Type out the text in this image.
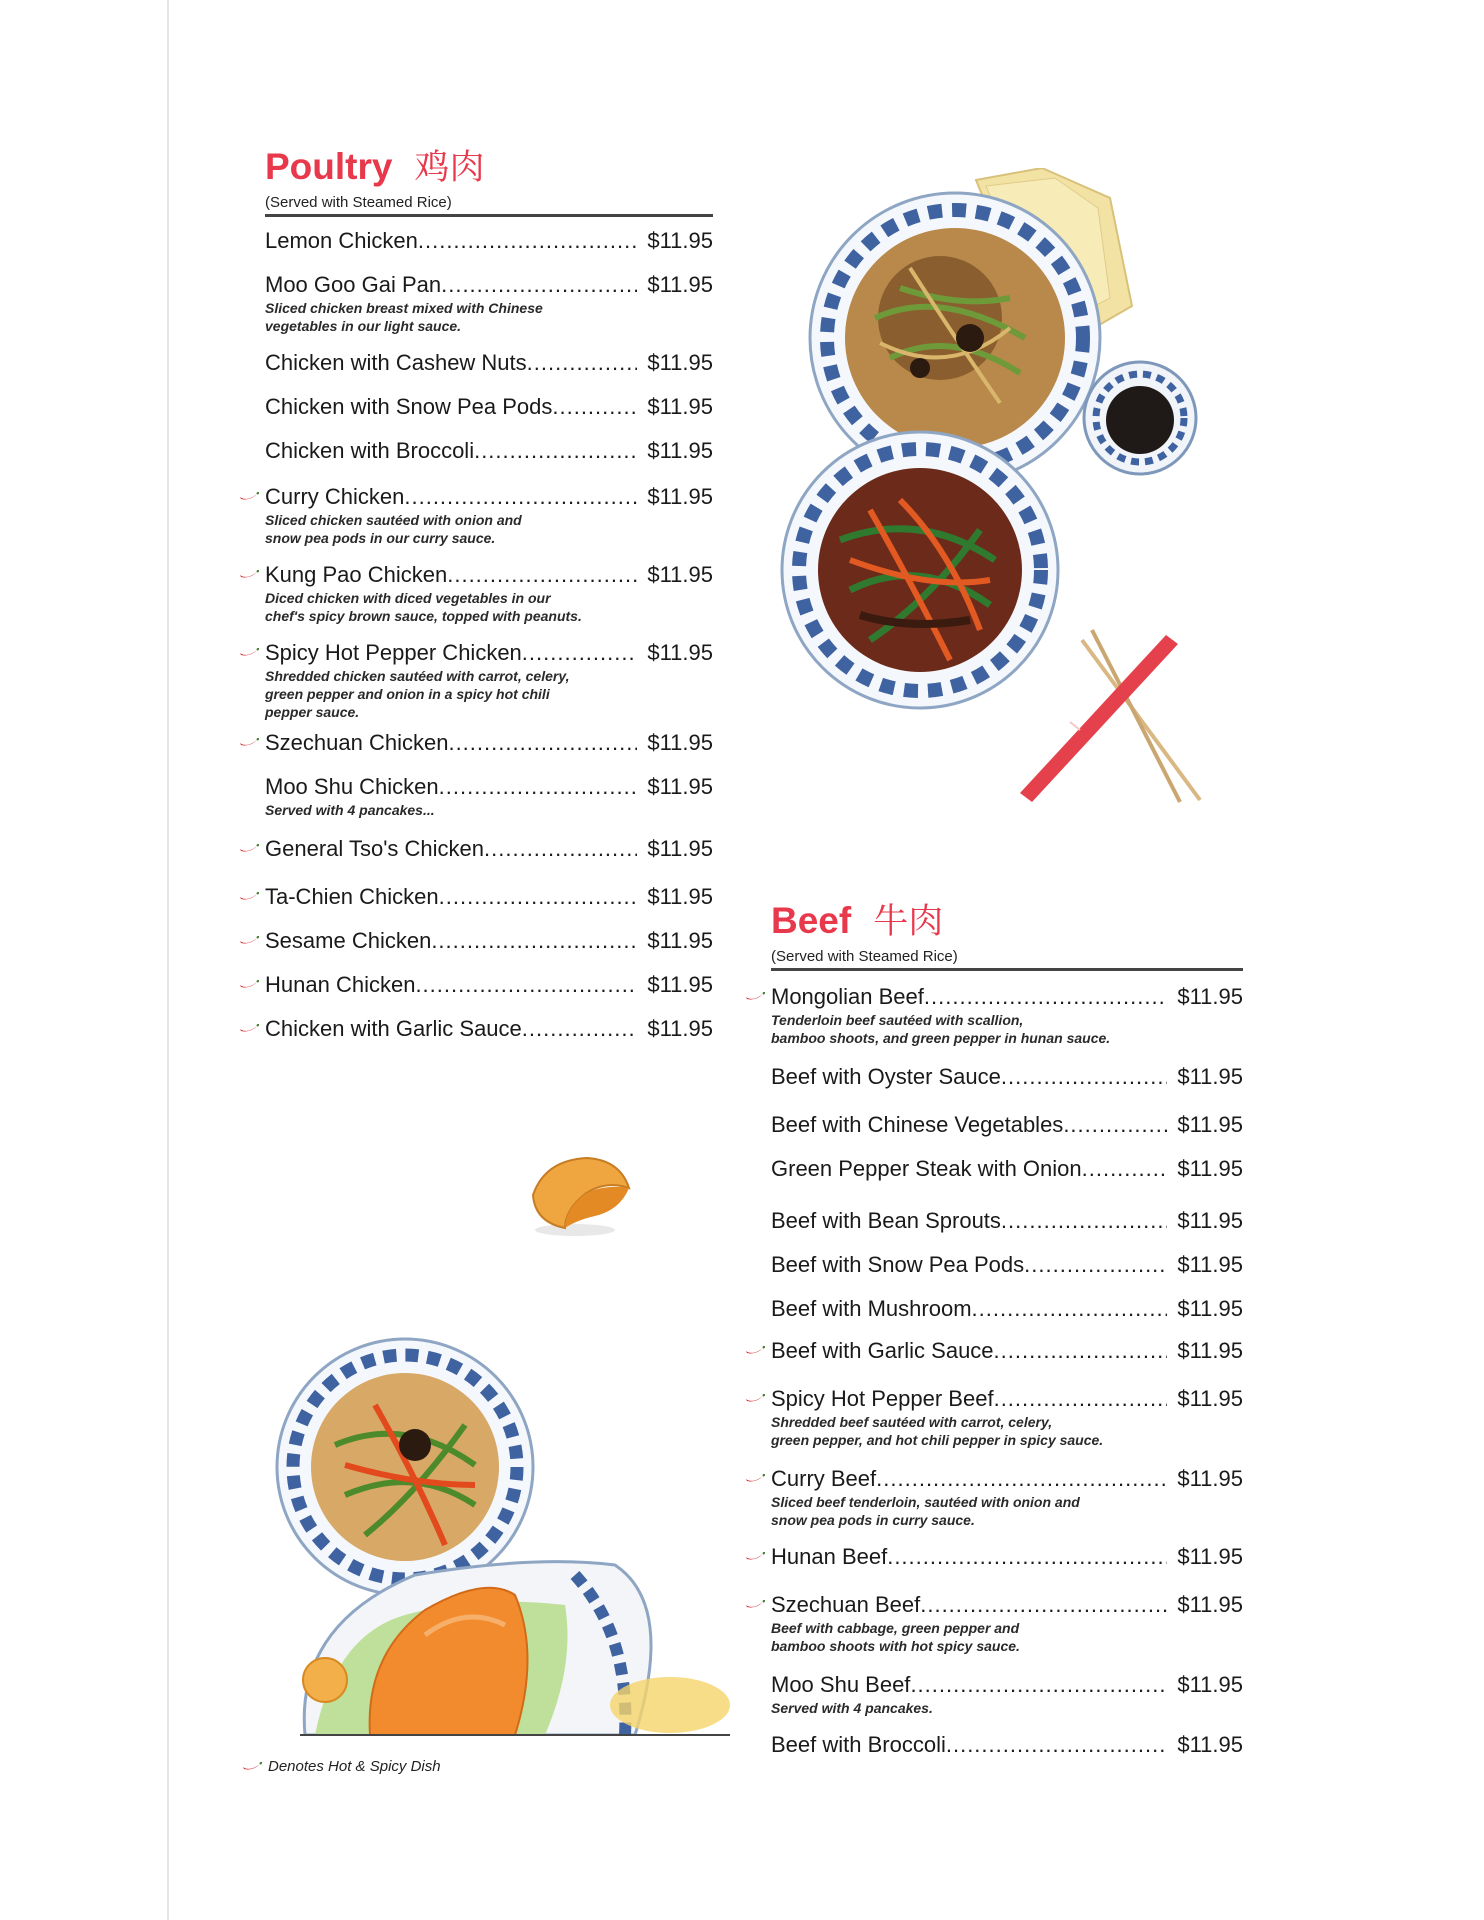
Poultry 鸡肉
(Served with Steamed Rice)
Lemon Chicken .....	$11.95
Moo Goo Gai Pan .....	$11.95
Sliced chicken breast mixed with Chinese
vegetables in our light sauce.
Chicken with Cashew Nuts .....	$11.95
Chicken with Snow Pea Pods .....	$11.95
Chicken with Broccoli .....	$11.95
Curry Chicken .....	$11.95
Sliced chicken sautéed with onion and
snow pea pods in our curry sauce.
Kung Pao Chicken .....	$11.95
Diced chicken with diced vegetables in our
chef's spicy brown sauce, topped with peanuts.
Spicy Hot Pepper Chicken .....	$11.95
Shredded chicken sautéed with carrot, celery,
green pepper and onion in a spicy hot chili
pepper sauce.
Szechuan Chicken .....	$11.95
Moo Shu Chicken .....	$11.95
Served with 4 pancakes...
General Tso's Chicken .....	$11.95
Ta-Chien Chicken .....	$11.95
Sesame Chicken .....	$11.95
Hunan Chicken .....	$11.95
Chicken with Garlic Sauce .....	$11.95
Beef 牛肉
(Served with Steamed Rice)
Mongolian Beef .....	$11.95
Tenderloin beef sautéed with scallion,
bamboo shoots, and green pepper in hunan sauce.
Beef with Oyster Sauce .....	$11.95
Beef with Chinese Vegetables .....	$11.95
Green Pepper Steak with Onion .....	$11.95
Beef with Bean Sprouts .....	$11.95
Beef with Snow Pea Pods .....	$11.95
Beef with Mushroom .....	$11.95
Beef with Garlic Sauce .....	$11.95
Spicy Hot Pepper Beef .....	$11.95
Shredded beef sautéed with carrot, celery,
green pepper, and hot chili pepper in spicy sauce.
Curry Beef .....	$11.95
Sliced beef tenderloin, sautéed with onion and
snow pea pods in curry sauce.
Hunan Beef .....	$11.95
Szechuan Beef .....	$11.95
Beef with cabbage, green pepper and
bamboo shoots with hot spicy sauce.
Moo Shu Beef .....	$11.95
Served with 4 pancakes.
Beef with Broccoli .....	$11.95
Denotes Hot & Spicy Dish
